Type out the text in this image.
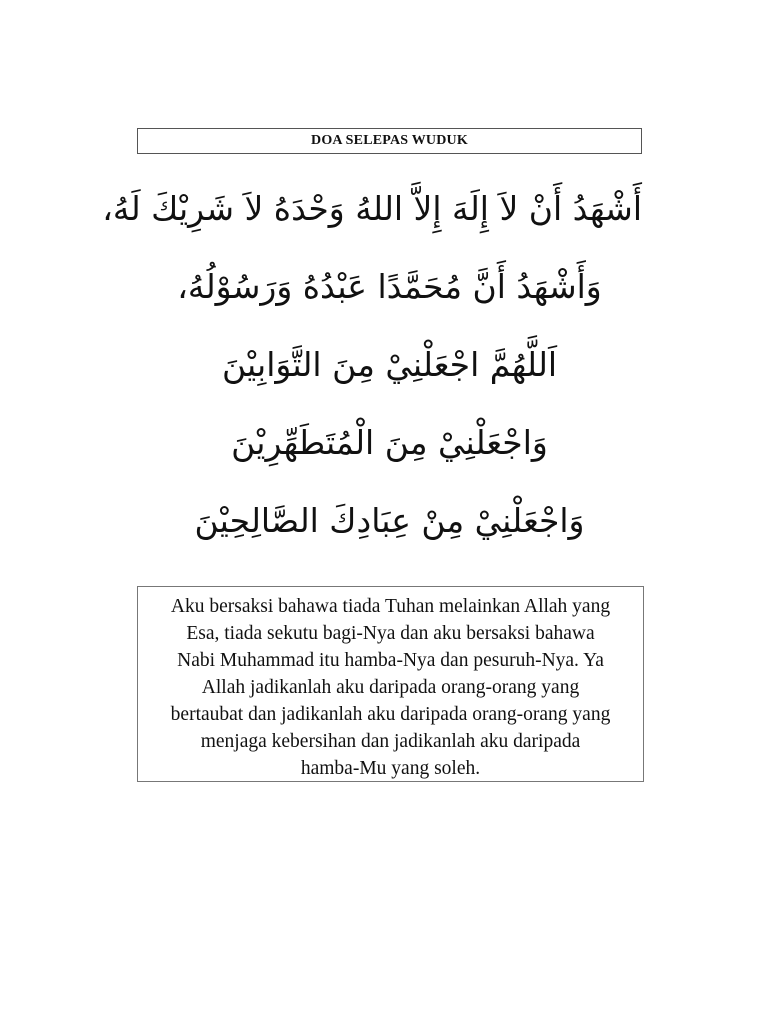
DOA SELEPAS WUDUK
أَشْهَدُ أَنْ لاَ إِلَهَ إِلاَّ اللهُ وَحْدَهُ لاَ شَرِيْكَ لَهُ،
وَأَشْهَدُ أَنَّ مُحَمَّدًا عَبْدُهُ وَرَسُوْلُهُ،
اَللَّهُمَّ اجْعَلْنِيْ مِنَ التَّوَابِيْنَ
وَاجْعَلْنِيْ مِنَ الْمُتَطَهِّرِيْنَ
وَاجْعَلْنِيْ مِنْ عِبَادِكَ الصَّالِحِيْنَ
Aku bersaksi bahawa tiada Tuhan melainkan Allah yang
Esa, tiada sekutu bagi-Nya dan aku bersaksi bahawa
Nabi Muhammad itu hamba-Nya dan pesuruh-Nya. Ya
Allah jadikanlah aku daripada orang-orang yang
bertaubat dan jadikanlah aku daripada orang-orang yang
menjaga kebersihan dan jadikanlah aku daripada
hamba-Mu yang soleh.
